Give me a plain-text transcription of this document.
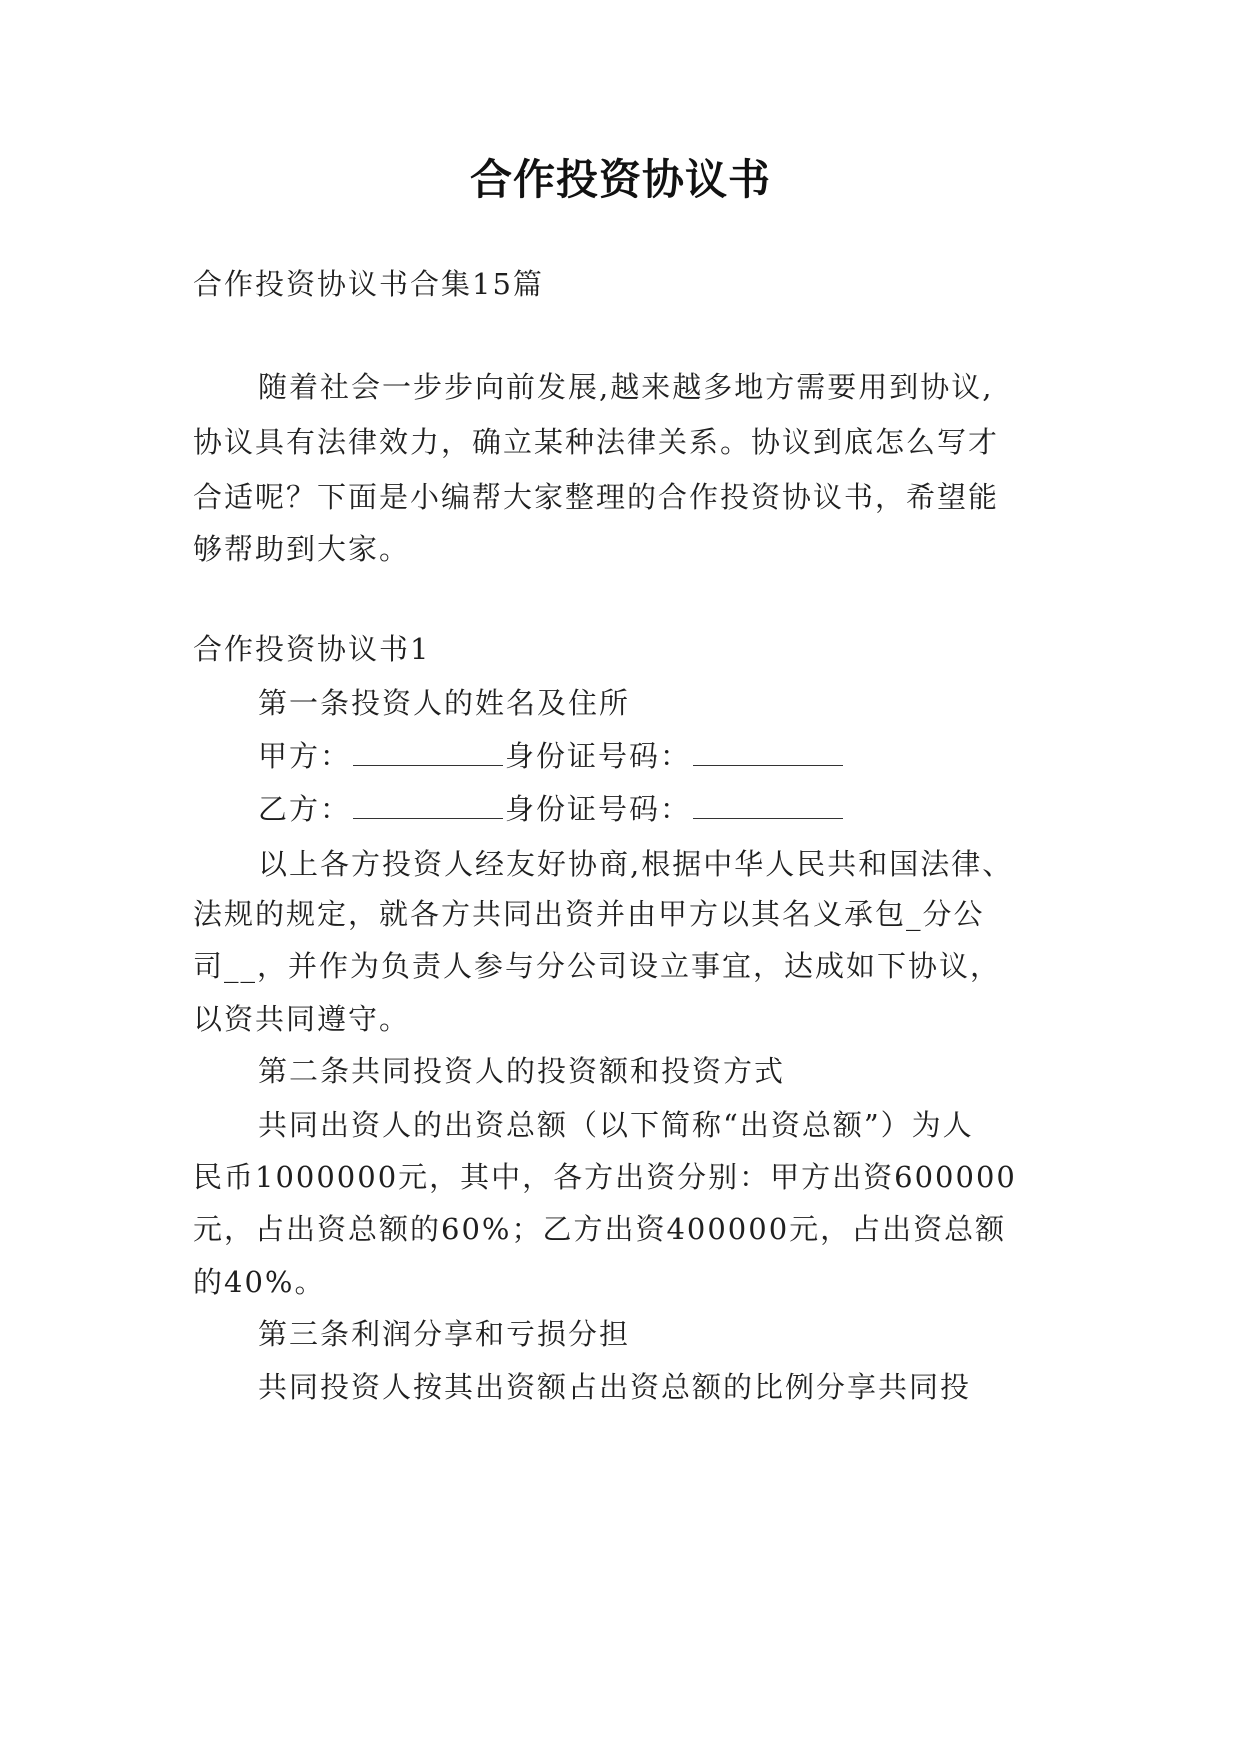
合作投资协议书
合作投资协议书合集15篇
随着社会一步步向前发展,越来越多地方需要用到协议,
协议具有法律效力，确立某种法律关系。协议到底怎么写才
合适呢？下面是小编帮大家整理的合作投资协议书，希望能
够帮助到大家。
合作投资协议书1
第一条投资人的姓名及住所
甲方：	身份证号码：
乙方：	身份证号码：
以上各方投资人经友好协商,根据中华人民共和国法律、
法规的规定，就各方共同出资并由甲方以其名义承包_分公
司__，并作为负责人参与分公司设立事宜，达成如下协议，
以资共同遵守。
第二条共同投资人的投资额和投资方式
共同出资人的出资总额（以下简称“出资总额”）为人
民币1000000元，其中，各方出资分别：甲方出资600000
元，占出资总额的60%；乙方出资400000元，占出资总额
的40%。
第三条利润分享和亏损分担
共同投资人按其出资额占出资总额的比例分享共同投
